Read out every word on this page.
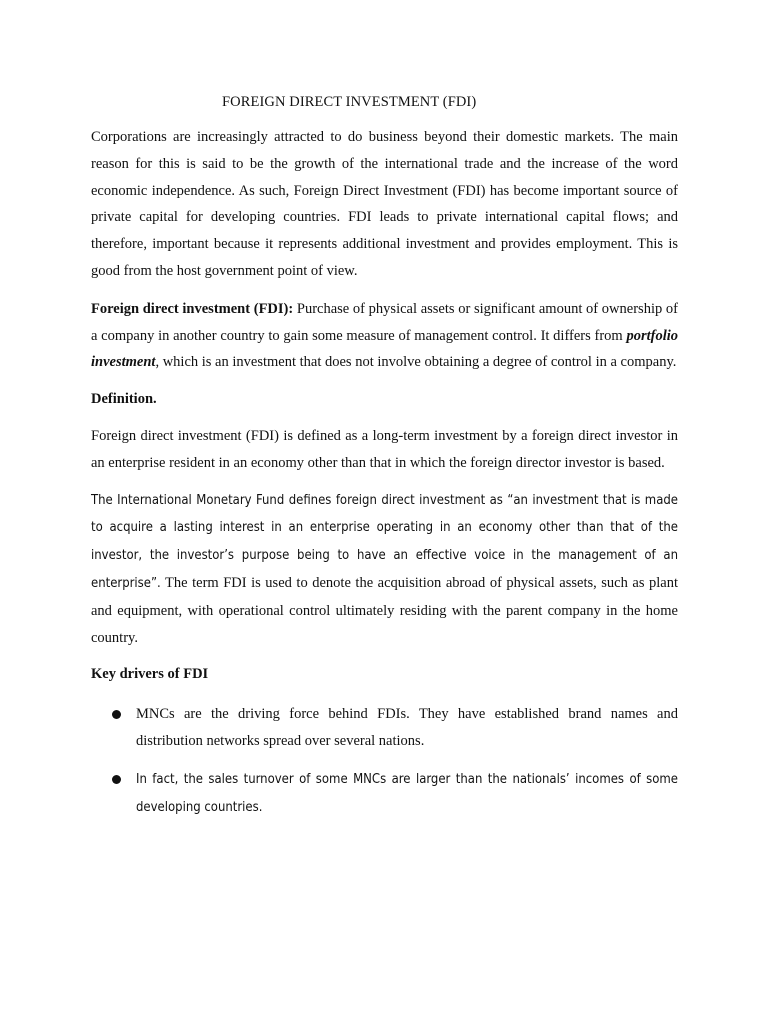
FOREIGN DIRECT INVESTMENT (FDI)

Corporations are increasingly attracted to do business beyond their domestic markets. The main reason for this is said to be the growth of the international trade and the increase of the word economic independence. As such, Foreign Direct Investment (FDI) has become important source of private capital for developing countries. FDI leads to private international capital flows; and therefore, important because it represents additional investment and provides employment. This is good from the host government point of view.

Foreign direct investment (FDI): Purchase of physical assets or significant amount of ownership of a company in another country to gain some measure of management control. It differs from portfolio investment, which is an investment that does not involve obtaining a degree of control in a company.

Definition.

Foreign direct investment (FDI) is defined as a long-term investment by a foreign direct investor in an enterprise resident in an economy other than that in which the foreign director investor is based.

The International Monetary Fund defines foreign direct investment as “an investment that is made to acquire a lasting interest in an enterprise operating in an economy other than that of the investor, the investor’s purpose being to have an effective voice in the management of an enterprise”. The term FDI is used to denote the acquisition abroad of physical assets, such as plant and equipment, with operational control ultimately residing with the parent company in the home country.

Key drivers of FDI

MNCs are the driving force behind FDIs. They have established brand names and distribution networks spread over several nations.
In fact, the sales turnover of some MNCs are larger than the nationals’ incomes of some developing countries.
